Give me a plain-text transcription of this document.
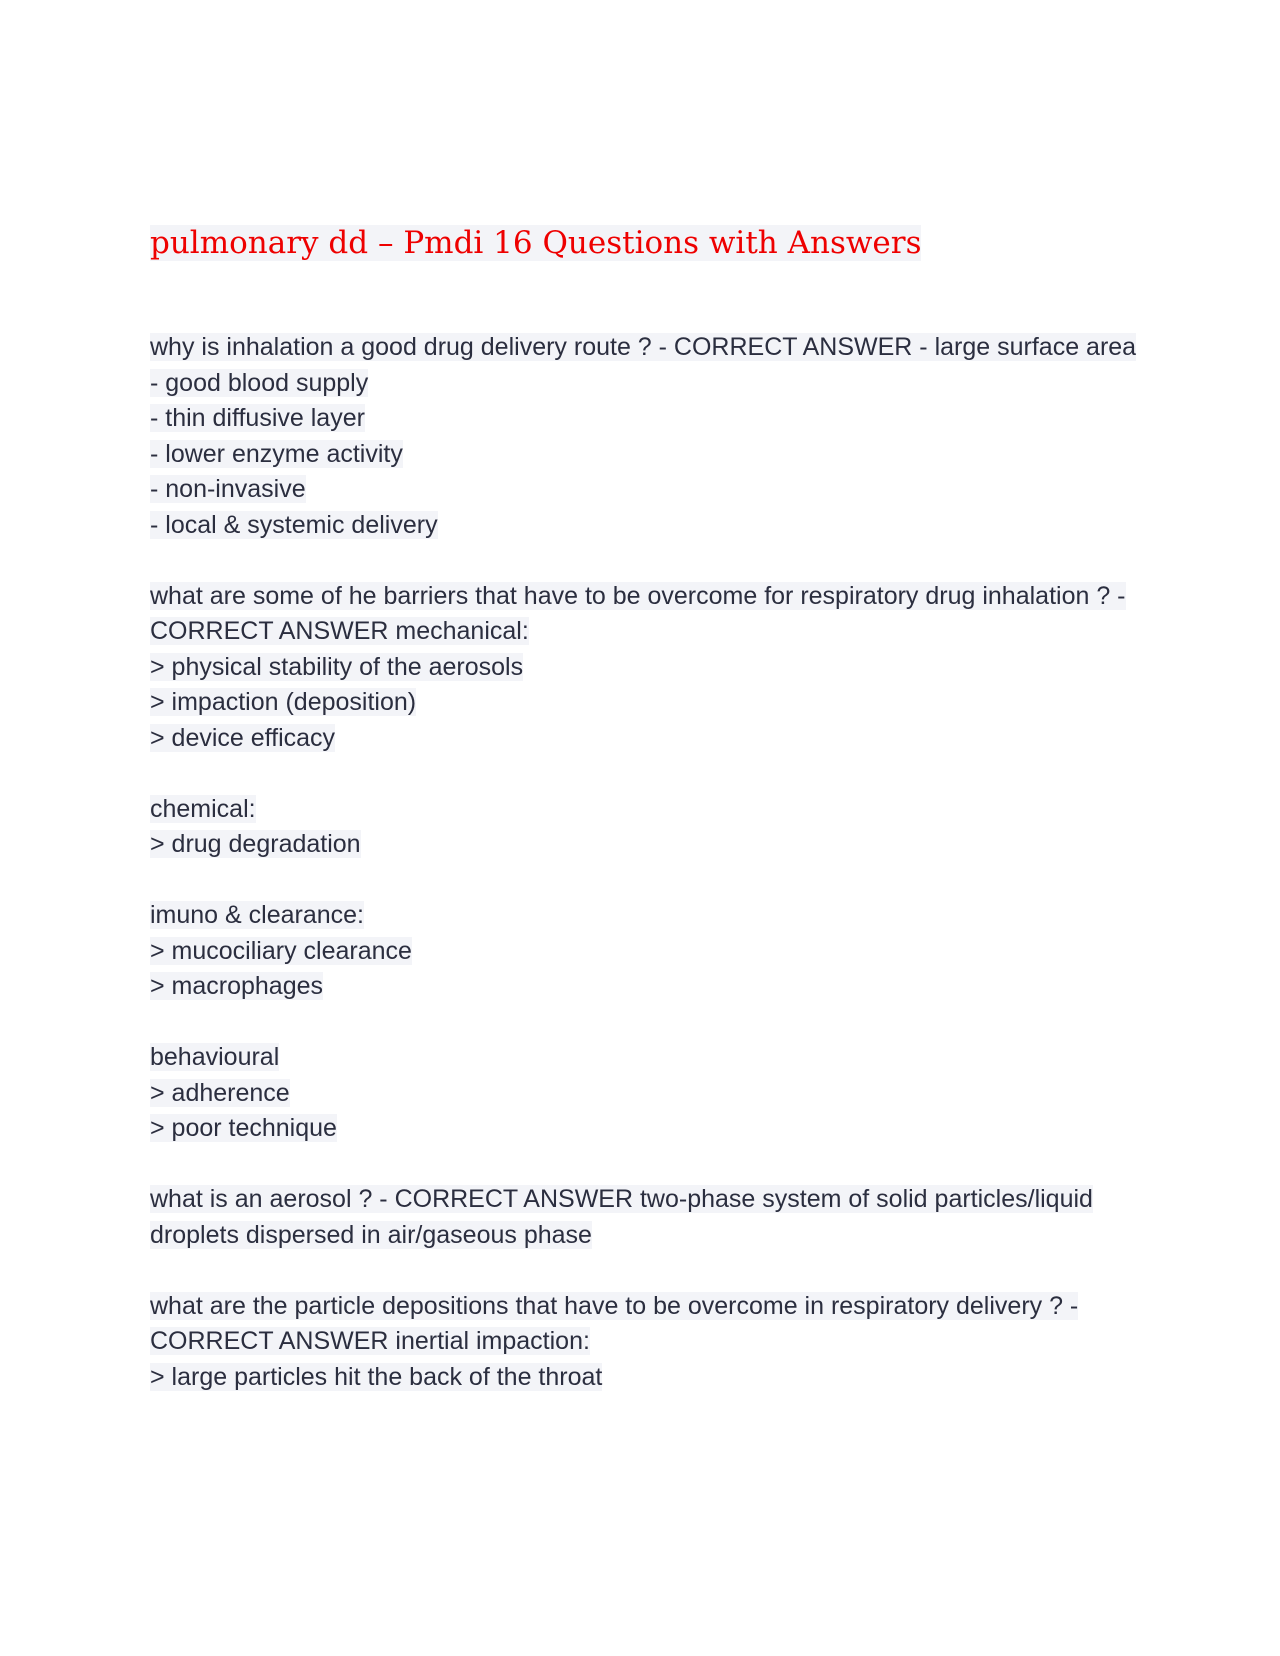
pulmonary dd – Pmdi 16 Questions with Answers
why is inhalation a good drug delivery route ? - CORRECT ANSWER - large surface area
- good blood supply
- thin diffusive layer
- lower enzyme activity
- non-invasive
- local & systemic delivery
what are some of he barriers that have to be overcome for respiratory drug inhalation ? - CORRECT ANSWER mechanical:
> physical stability of the aerosols
> impaction (deposition)
> device efficacy
chemical:
> drug degradation
imuno & clearance:
> mucociliary clearance
> macrophages
behavioural
> adherence
> poor technique
what is an aerosol ? - CORRECT ANSWER two-phase system of solid particles/liquid droplets dispersed in air/gaseous phase
what are the particle depositions that have to be overcome in respiratory delivery ? - CORRECT ANSWER inertial impaction:
> large particles hit the back of the throat
